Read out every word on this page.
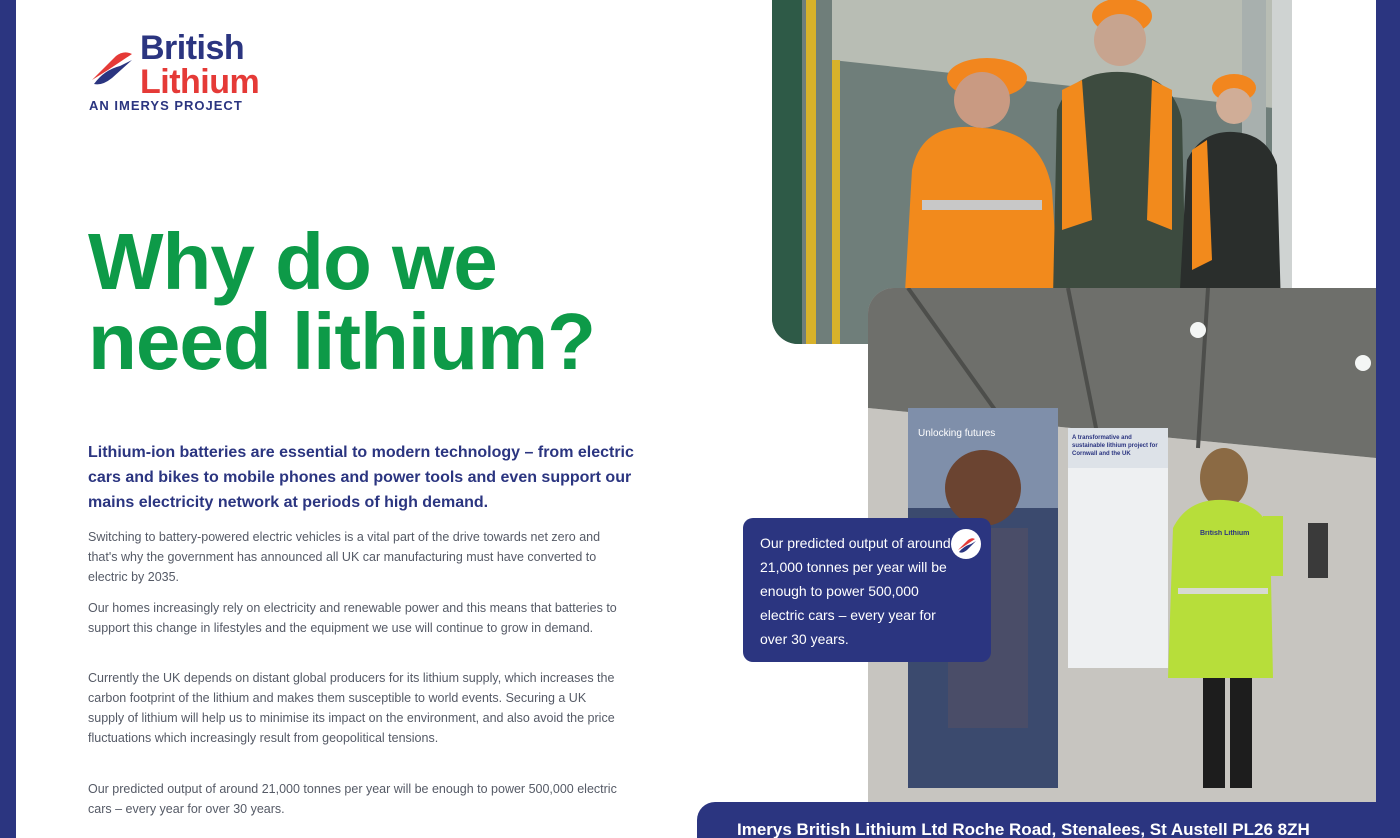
British
Lithium
AN IMERYS PROJECT
Why do we
need lithium?
Lithium-ion batteries are essential to modern technology – from electric cars and bikes to mobile phones and power tools and even support our mains electricity network at periods of high demand.
Switching to battery-powered electric vehicles is a vital part of the drive towards net zero and that's why the government has announced all UK car manufacturing must have converted to electric by 2035.
Our homes increasingly rely on electricity and renewable power and this means that batteries to support this change in lifestyles and the equipment we use will continue to grow in demand.
Currently the UK depends on distant global producers for its lithium supply, which increases the carbon footprint of the lithium and makes them susceptible to world events. Securing a UK supply of lithium will help us to minimise its impact on the environment, and also avoid the price fluctuations which increasingly result from geopolitical tensions.
Our predicted output of around 21,000 tonnes per year will be enough to power 500,000 electric cars – every year for over 30 years.
Unlocking futures	A transformative and sustainable lithium project for Cornwall and the UK
British Lithium
Our predicted output of around 21,000 tonnes per year will be enough to power 500,000 electric cars – every year for over 30 years.
Imerys British Lithium Ltd Roche Road, Stenalees, St Austell PL26 8ZH
